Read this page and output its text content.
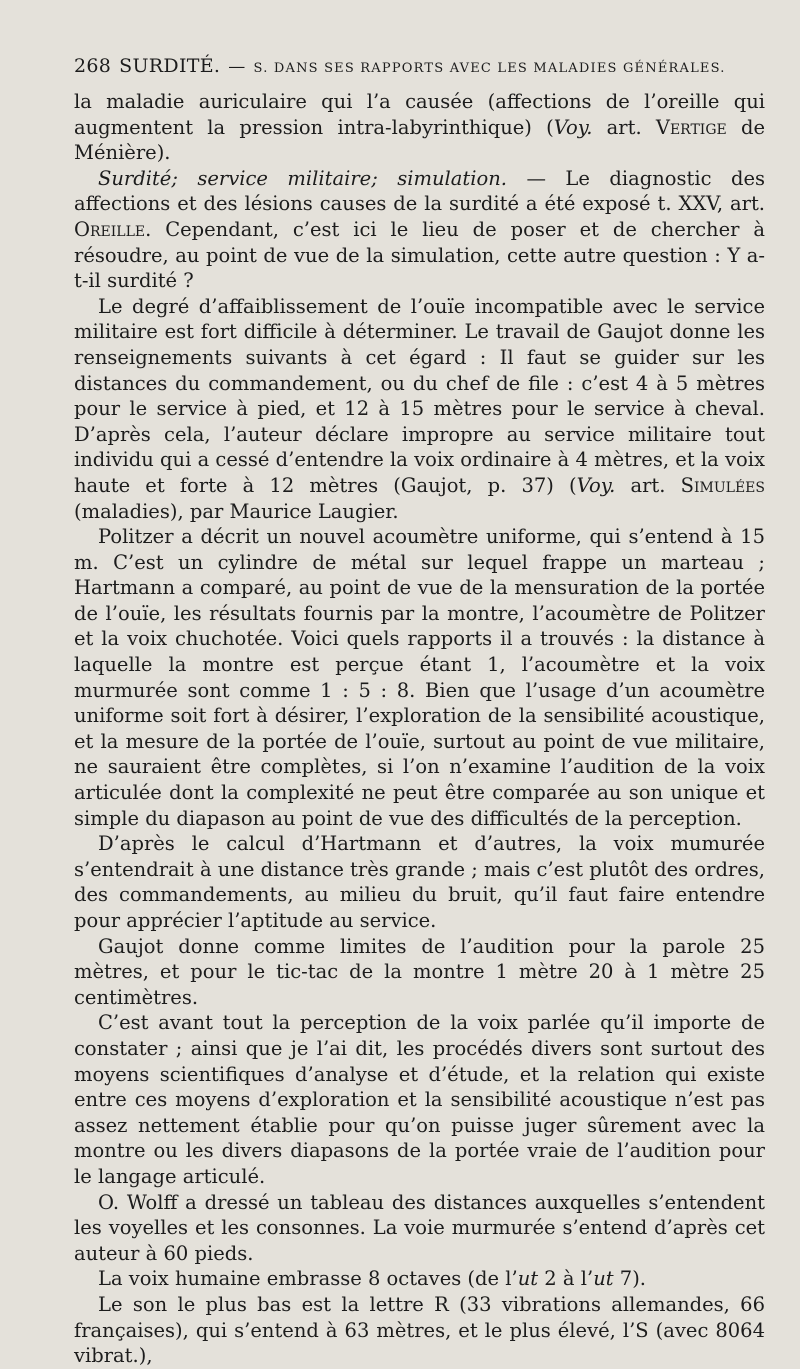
268 SURDITÉ. — S. DANS SES RAPPORTS AVEC LES MALADIES GÉNÉRALES.

la maladie auriculaire qui l’a causée (affections de l’oreille qui augmentent la pression intra-labyrinthique) (Voy. art. Vertige de Ménière).

Surdité; service militaire; simulation. — Le diagnostic des affections et des lésions causes de la surdité a été exposé t. XXV, art. Oreille. Cependant, c’est ici le lieu de poser et de chercher à résoudre, au point de vue de la simulation, cette autre question : Y a-t-il surdité ?

Le degré d’affaiblissement de l’ouïe incompatible avec le service militaire est fort difficile à déterminer. Le travail de Gaujot donne les renseignements suivants à cet égard : Il faut se guider sur les distances du commandement, ou du chef de file : c’est 4 à 5 mètres pour le service à pied, et 12 à 15 mètres pour le service à cheval. D’après cela, l’auteur déclare impropre au service militaire tout individu qui a cessé d’entendre la voix ordinaire à 4 mètres, et la voix haute et forte à 12 mètres (Gaujot, p. 37) (Voy. art. Simulées (maladies), par Maurice Laugier.

Politzer a décrit un nouvel acoumètre uniforme, qui s’entend à 15 m. C’est un cylindre de métal sur lequel frappe un marteau ; Hartmann a comparé, au point de vue de la mensuration de la portée de l’ouïe, les résultats fournis par la montre, l’acoumètre de Politzer et la voix chuchotée. Voici quels rapports il a trouvés : la distance à laquelle la montre est perçue étant 1, l’acoumètre et la voix murmurée sont comme 1 : 5 : 8. Bien que l’usage d’un acoumètre uniforme soit fort à désirer, l’exploration de la sensibilité acoustique, et la mesure de la portée de l’ouïe, surtout au point de vue militaire, ne sauraient être complètes, si l’on n’examine l’audition de la voix articulée dont la complexité ne peut être comparée au son unique et simple du diapason au point de vue des difficultés de la perception.

D’après le calcul d’Hartmann et d’autres, la voix mumurée s’entendrait à une distance très grande ; mais c’est plutôt des ordres, des commandements, au milieu du bruit, qu’il faut faire entendre pour apprécier l’aptitude au service.

Gaujot donne comme limites de l’audition pour la parole 25 mètres, et pour le tic-tac de la montre 1 mètre 20 à 1 mètre 25 centimètres.

C’est avant tout la perception de la voix parlée qu’il importe de constater ; ainsi que je l’ai dit, les procédés divers sont surtout des moyens scientifiques d’analyse et d’étude, et la relation qui existe entre ces moyens d’exploration et la sensibilité acoustique n’est pas assez nettement établie pour qu’on puisse juger sûrement avec la montre ou les divers diapasons de la portée vraie de l’audition pour le langage articulé.

O. Wolff a dressé un tableau des distances auxquelles s’entendent les voyelles et les consonnes. La voie murmurée s’entend d’après cet auteur à 60 pieds.

La voix humaine embrasse 8 octaves (de l’ut 2 à l’ut 7).

Le son le plus bas est la lettre R (33 vibrations allemandes, 66 françaises), qui s’entend à 63 mètres, et le plus élevé, l’S (avec 8064 vibrat.),
